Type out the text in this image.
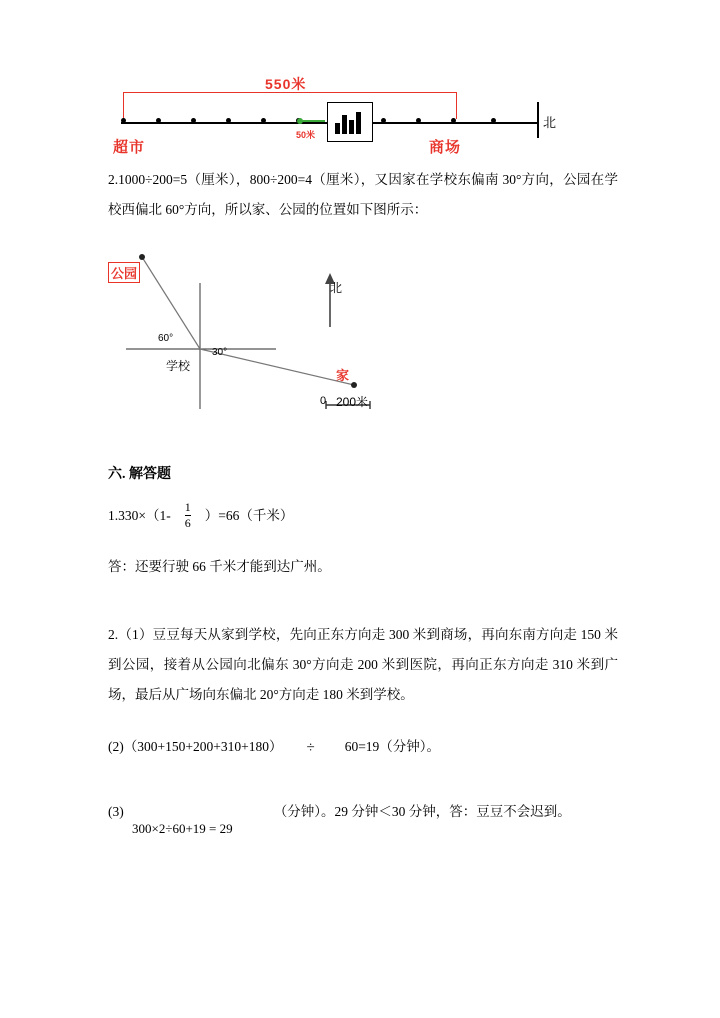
550米
50米
北
超市	商场

2.1000÷200=5（厘米），800÷200=4（厘米），又因家在学校东偏南 30°方向，公园在学校西偏北 60°方向，所以家、公园的位置如下图所示：

公园
家
学校
60°
30°
北
0 200米

六. 解答题

$1.330\times(1- \frac{1}{6} )=66$（千米）

答：还要行驶 66 千米才能到达广州。

2.（1）豆豆每天从家到学校，先向正东方向走 300 米到商场，再向东南方向走 150 米到公园，接着从公园向北偏东 30°方向走 200 米到医院，再向正东方向走 310 米到广场，最后从广场向东偏北 20°方向走 180 米到学校。

(2)（300+150+200+310+180） ÷ 60=19（分钟）。

(3)	（分钟）。29 分钟＜30 分钟，答：豆豆不会迟到。

300×2÷60+19 = 29
